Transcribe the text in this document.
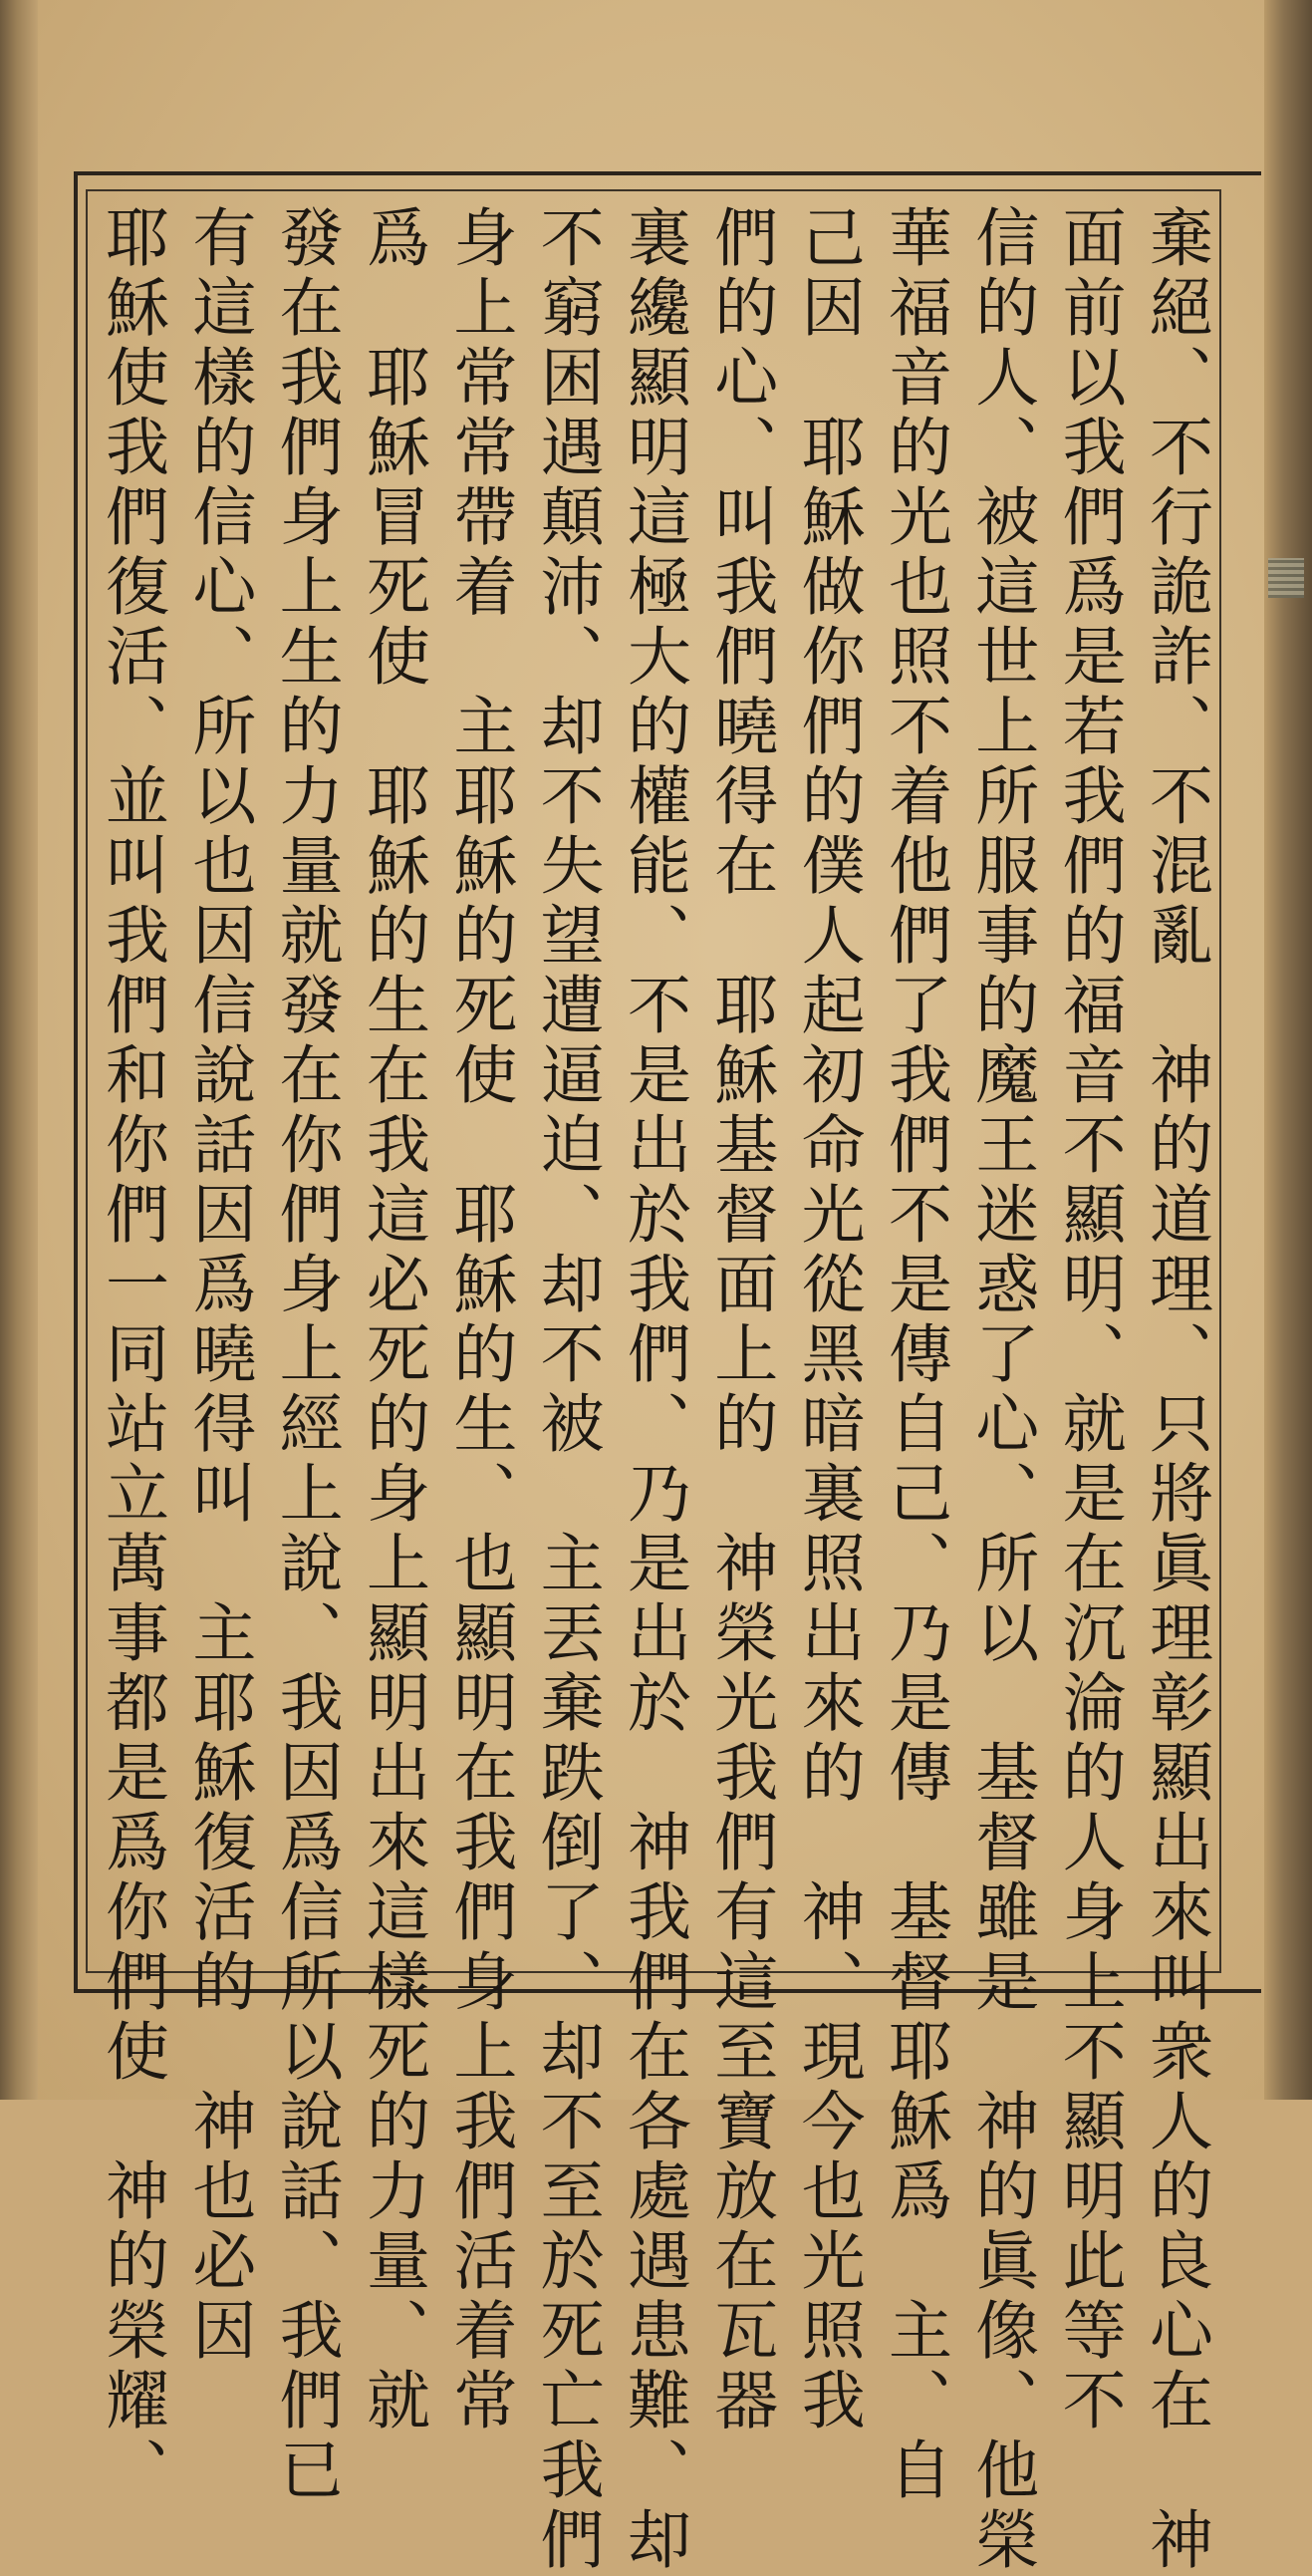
棄絕、不行詭詐、不混亂　神的道理、只將眞理彰顯出來叫衆人的良心在　神
面前以我們爲是若我們的福音不顯明、就是在沉淪的人身上不顯明此等不
信的人、被這世上所服事的魔王迷惑了心、所以　基督雖是　神的眞像、他榮
華福音的光也照不着他們了我們不是傳自己、乃是傳　基督耶穌爲　主、自
己因　耶穌做你們的僕人起初命光從黑暗裏照出來的　神、現今也光照我
們的心、叫我們曉得在　耶穌基督面上的　神榮光我們有這至寶放在瓦器
裏纔顯明這極大的權能、不是出於我們、乃是出於　神我們在各處遇患難、却
不窮困遇顛沛、却不失望遭逼迫、却不被　主丟棄跌倒了、却不至於死亡我們
身上常常帶着　主耶穌的死使　耶穌的生、也顯明在我們身上我們活着常
爲　耶穌冒死使　耶穌的生在我這必死的身上顯明出來這樣死的力量、就
發在我們身上生的力量就發在你們身上經上說、我因爲信所以說話、我們已
有這樣的信心、所以也因信說話因爲曉得叫　主耶穌復活的　神也必因
耶穌使我們復活、並叫我們和你們一同站立萬事都是爲你們使　神的榮耀、
